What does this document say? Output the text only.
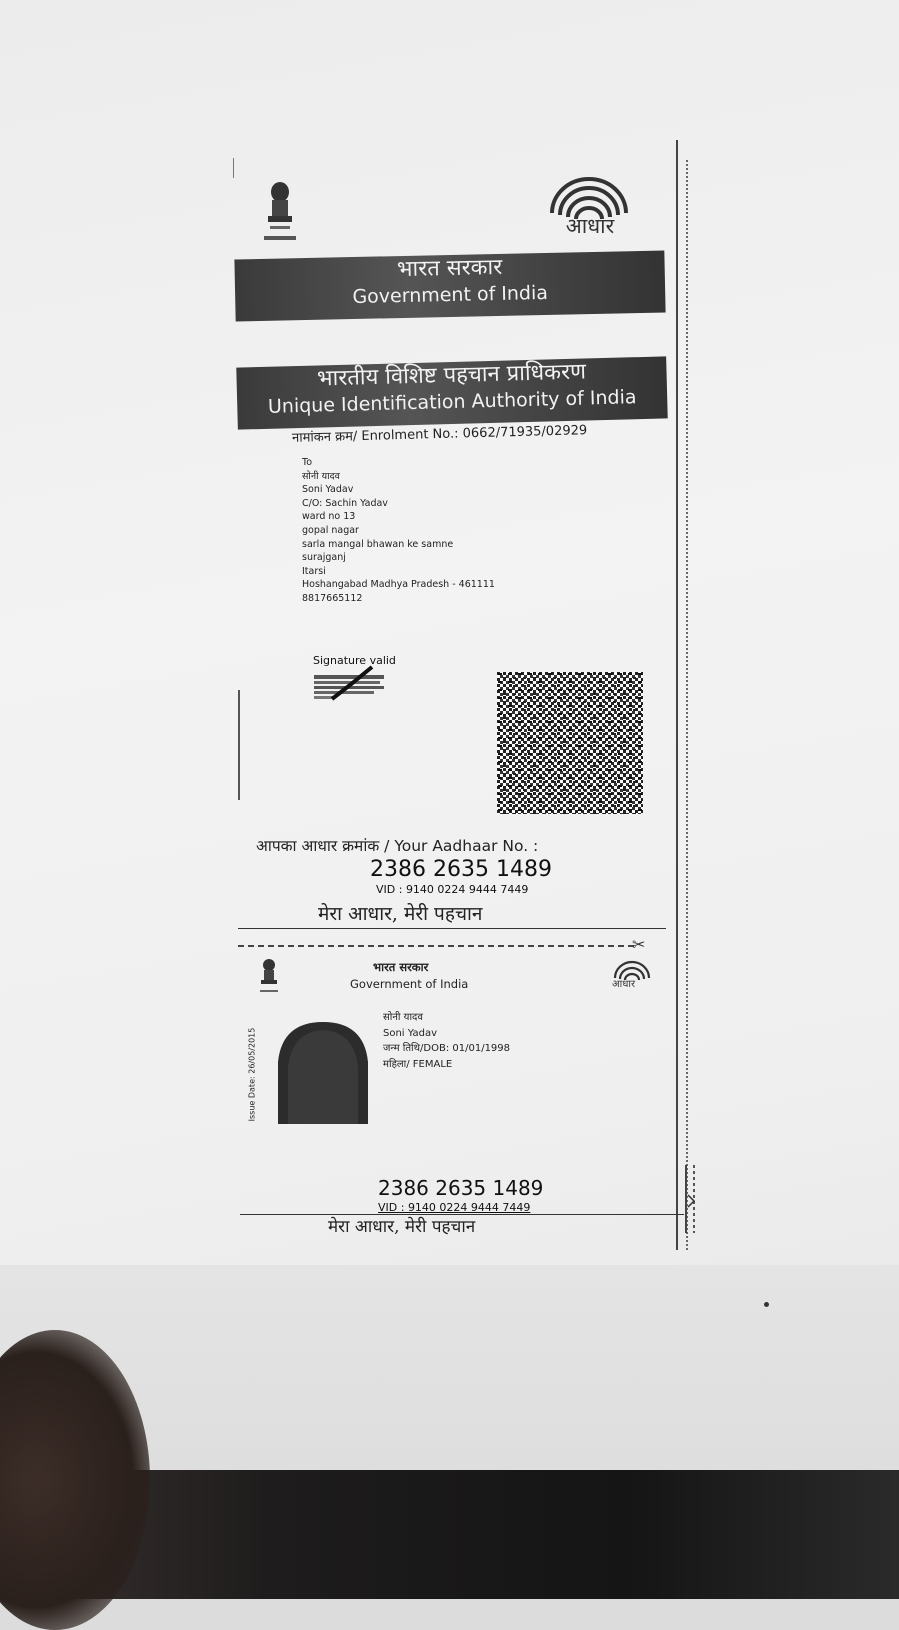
आधार
भारत सरकार
Government of India
भारतीय विशिष्ट पहचान प्राधिकरण
Unique Identification Authority of India
नामांकन क्रम/ Enrolment No.: 0662/71935/02929
To
सोनी यादव
Soni Yadav
C/O: Sachin Yadav
ward no 13
gopal nagar
sarla mangal bhawan ke samne
surajganj
Itarsi
Hoshangabad Madhya Pradesh - 461111
8817665112
Signature valid
आपका आधार क्रमांक / Your Aadhaar No. :
2386 2635 1489
VID : 9140 0224 9444 7449
मेरा आधार, मेरी पहचान
✂
भारत सरकार
Government of India	आधार
Issue Date: 26/05/2015
सोनी यादव
Soni Yadav
जन्म तिथि/DOB: 01/01/1998
महिला/ FEMALE
2386 2635 1489
VID : 9140 0224 9444 7449
मेरा आधार, मेरी पहचान
